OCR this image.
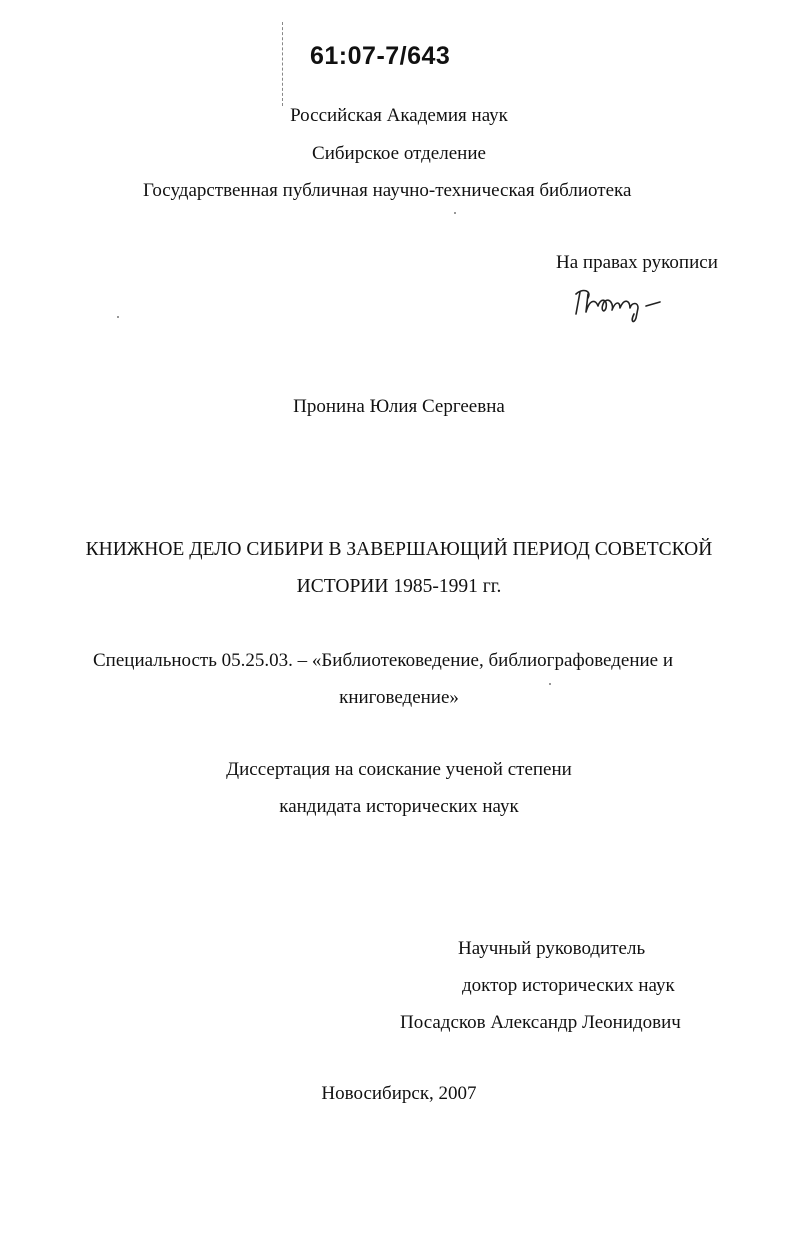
61:07-7/643
Российская Академия наук
Сибирское отделение
Государственная публичная научно-техническая библиотека
На правах рукописи
Пронина Юлия Сергеевна
КНИЖНОЕ ДЕЛО СИБИРИ В ЗАВЕРШАЮЩИЙ ПЕРИОД СОВЕТСКОЙ
ИСТОРИИ 1985-1991 гг.
Специальность 05.25.03. – «Библиотековедение, библиографоведение и
книговедение»
Диссертация на соискание ученой степени
кандидата исторических наук
Научный руководитель
доктор исторических наук
Посадсков Александр Леонидович
Новосибирск, 2007
